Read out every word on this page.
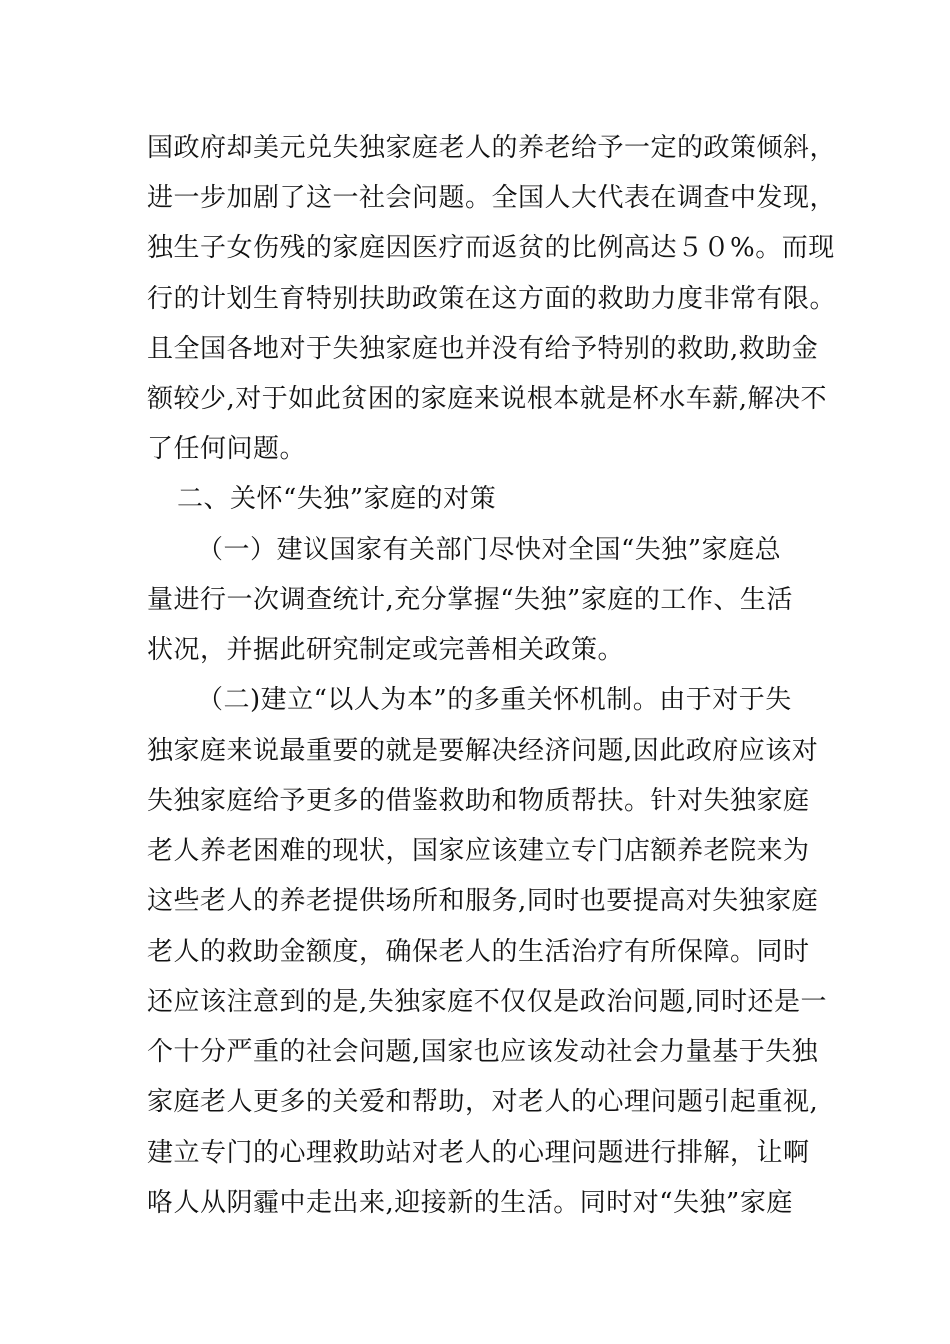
国政府却美元兑失独家庭老人的养老给予一定的政策倾斜，
进一步加剧了这一社会问题。全国人大代表在调查中发现，
独生子女伤残的家庭因医疗而返贫的比例高达５０%。而现
行的计划生育特别扶助政策在这方面的救助力度非常有限。
且全国各地对于失独家庭也并没有给予特别的救助,救助金
额较少,对于如此贫困的家庭来说根本就是杯水车薪,解决不
了任何问题。
二、关怀“失独”家庭的对策
（一）建议国家有关部门尽快对全国“失独”家庭总
量进行一次调查统计,充分掌握“失独”家庭的工作、生活
状况，并据此研究制定或完善相关政策。
（二)建立“以人为本”的多重关怀机制。由于对于失
独家庭来说最重要的就是要解决经济问题,因此政府应该对
失独家庭给予更多的借鉴救助和物质帮扶。针对失独家庭
老人养老困难的现状，国家应该建立专门店额养老院来为
这些老人的养老提供场所和服务,同时也要提高对失独家庭
老人的救助金额度，确保老人的生活治疗有所保障。同时
还应该注意到的是,失独家庭不仅仅是政治问题,同时还是一
个十分严重的社会问题,国家也应该发动社会力量基于失独
家庭老人更多的关爱和帮助，对老人的心理问题引起重视,
建立专门的心理救助站对老人的心理问题进行排解，让啊
咯人从阴霾中走出来,迎接新的生活。同时对“失独”家庭
